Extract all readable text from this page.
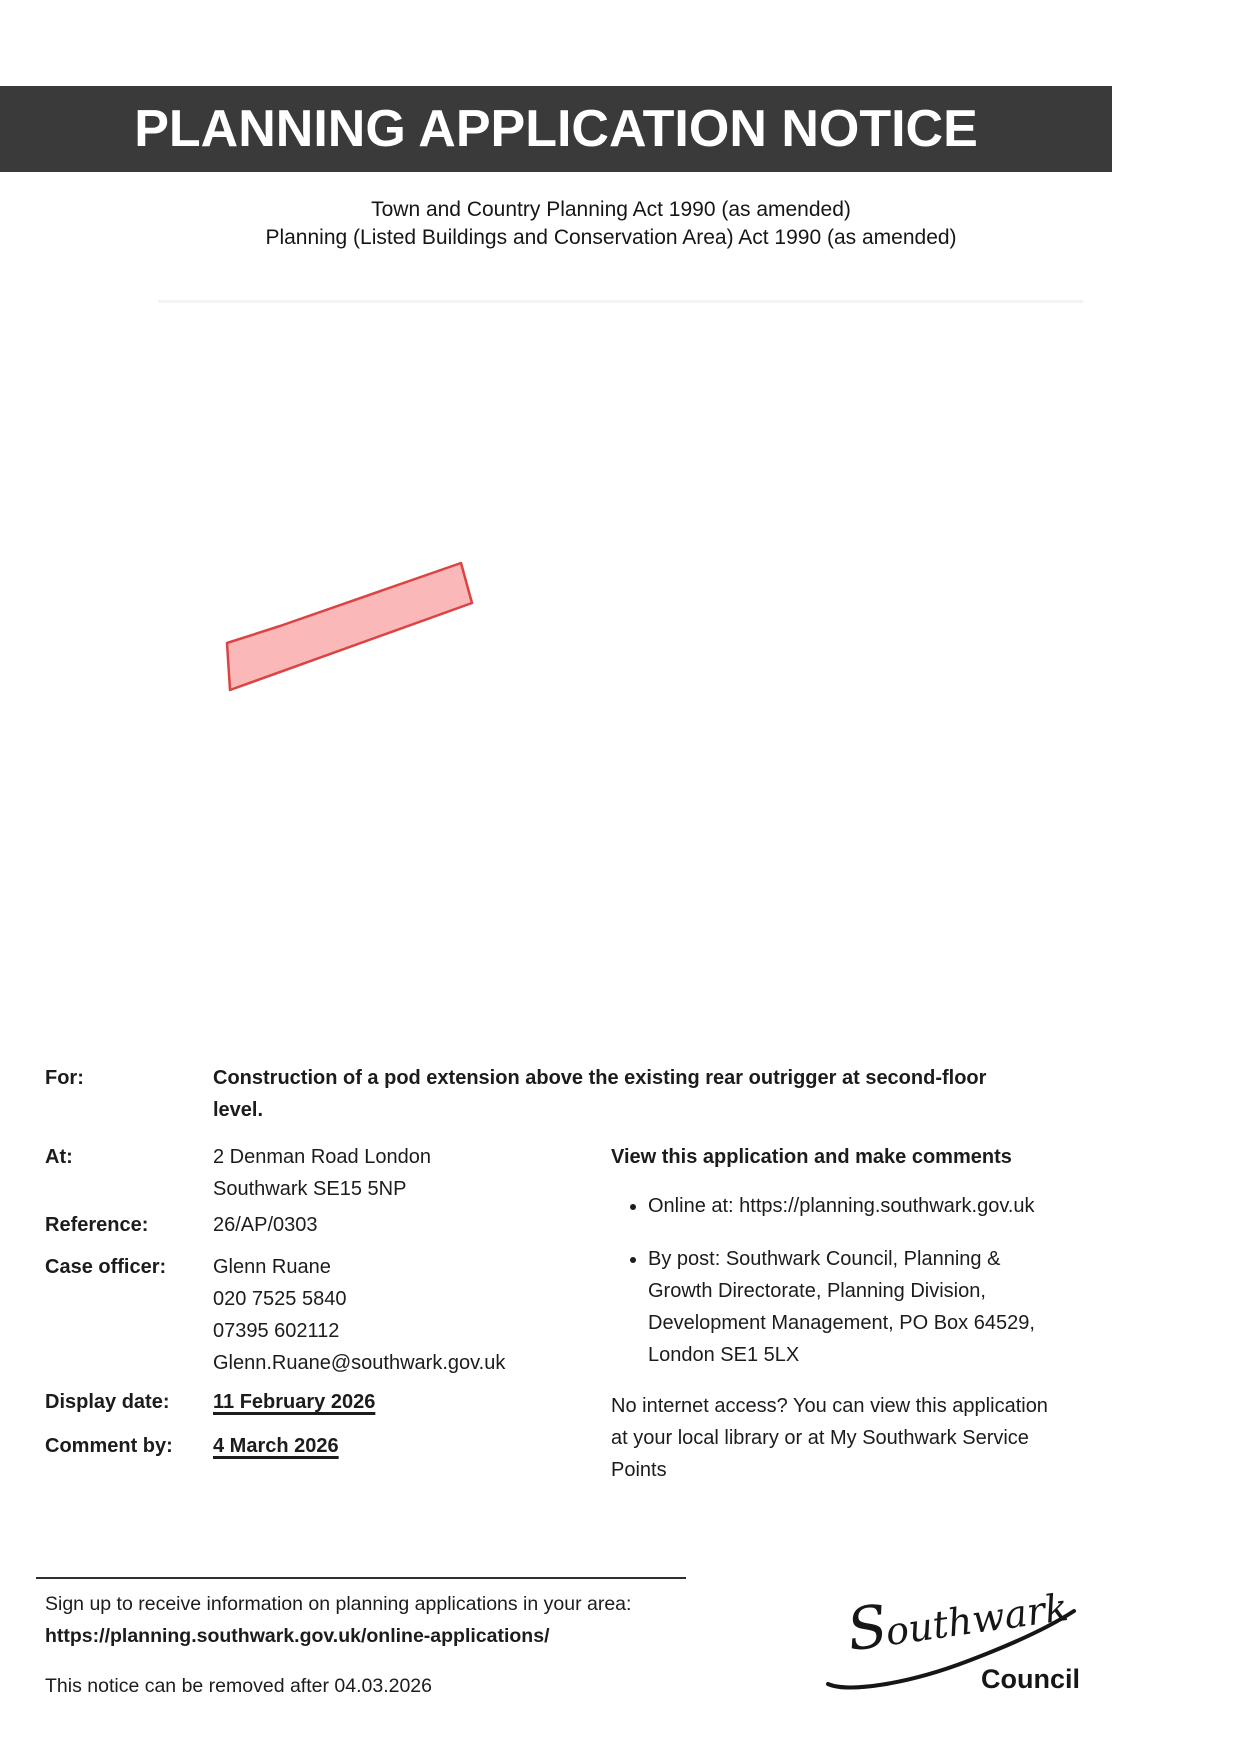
PLANNING APPLICATION NOTICE
Town and Country Planning Act 1990 (as amended)
Planning (Listed Buildings and Conservation Area) Act 1990 (as amended)
For:	Construction of a pod extension above the existing rear outrigger at second-floor
level.
At:	2 Denman Road London
Southwark SE15 5NP
Reference:	26/AP/0303
Case officer:	Glenn Ruane
020 7525 5840
07395 602112
Glenn.Ruane@southwark.gov.uk
Display date:	11 February 2026
Comment by:	4 March 2026
View this application and make comments
• Online at: https://planning.southwark.gov.uk
• By post: Southwark Council, Planning &
Growth Directorate, Planning Division,
Development Management, PO Box 64529,
London SE1 5LX
No internet access? You can view this application
at your local library or at My Southwark Service
Points
Sign up to receive information on planning applications in your area:
https://planning.southwark.gov.uk/online-applications/
This notice can be removed after 04.03.2026
Southwark
Council
